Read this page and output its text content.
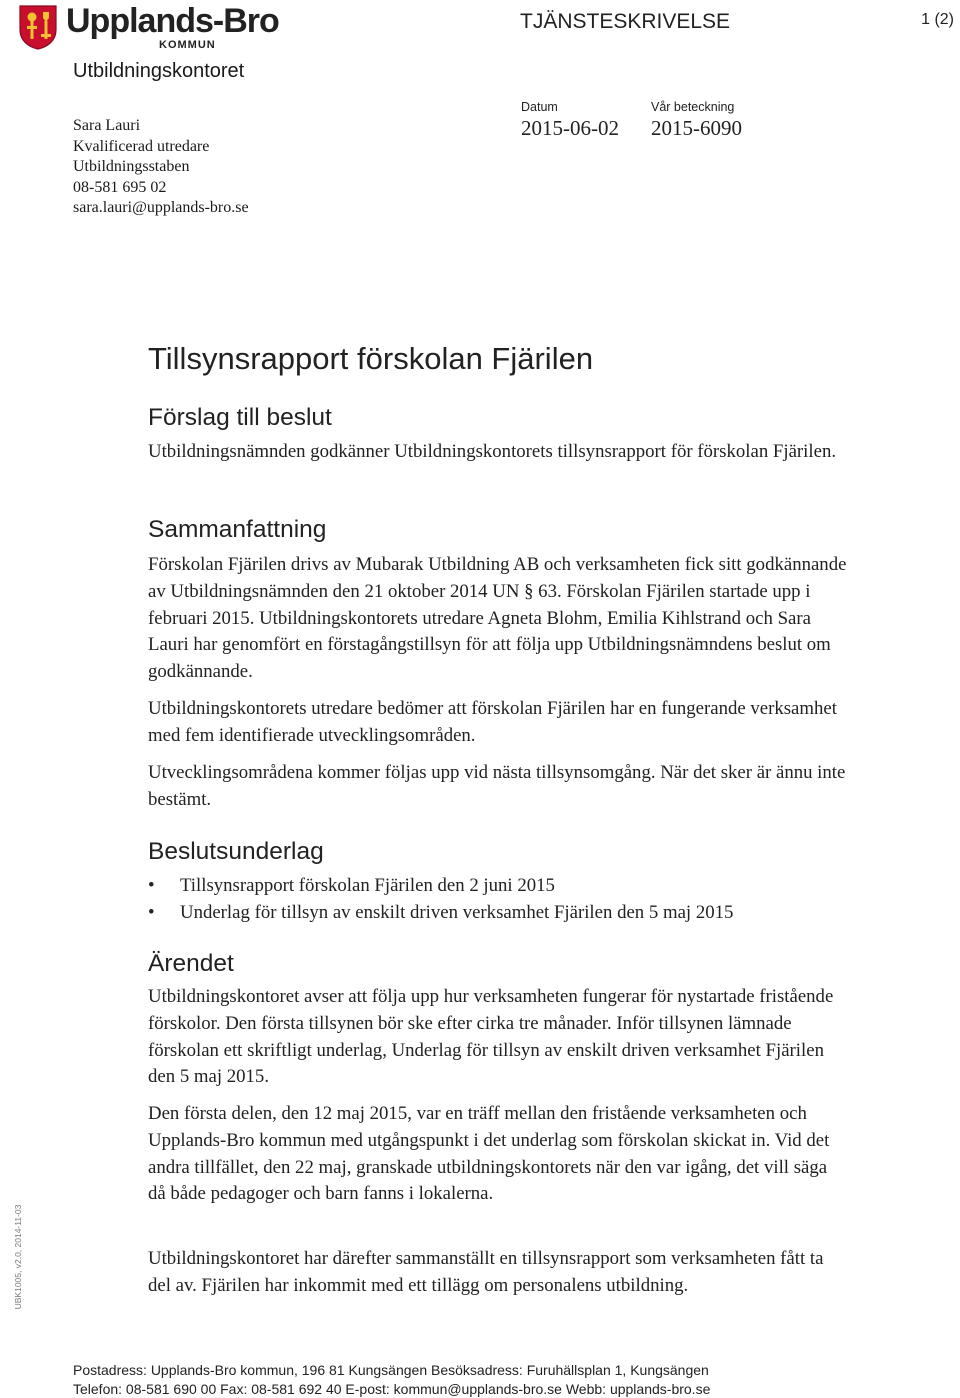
Upplands-Bro
KOMMUN
TJÄNSTESKRIVELSE	1 (2)
Utbildningskontoret
Sara Lauri
Kvalificerad utredare
Utbildningsstaben
08-581 695 02
sara.lauri@upplands-bro.se
Datum
2015-06-02
Vår beteckning
2015-6090
Tillsynsrapport förskolan Fjärilen
Förslag till beslut

Utbildningsnämnden godkänner Utbildningskontorets tillsynsrapport för förskolan Fjärilen.

Sammanfattning

Förskolan Fjärilen drivs av Mubarak Utbildning AB och verksamheten fick sitt godkännande av Utbildningsnämnden den 21 oktober 2014 UN § 63. Förskolan Fjärilen startade upp i februari 2015. Utbildningskontorets utredare Agneta Blohm, Emilia Kihlstrand och Sara Lauri har genomfört en förstagångstillsyn för att följa upp Utbildningsnämndens beslut om godkännande.

Utbildningskontorets utredare bedömer att förskolan Fjärilen har en fungerande verksamhet med fem identifierade utvecklingsområden.

Utvecklingsområdena kommer följas upp vid nästa tillsynsomgång. När det sker är ännu inte bestämt.

Beslutsunderlag
• Tillsynsrapport förskolan Fjärilen den 2 juni 2015
• Underlag för tillsyn av enskilt driven verksamhet Fjärilen den 5 maj 2015
Ärendet

Utbildningskontoret avser att följa upp hur verksamheten fungerar för nystartade fristående förskolor. Den första tillsynen bör ske efter cirka tre månader. Inför tillsynen lämnade förskolan ett skriftligt underlag, Underlag för tillsyn av enskilt driven verksamhet Fjärilen den 5 maj 2015.

Den första delen, den 12 maj 2015, var en träff mellan den fristående verksamheten och Upplands-Bro kommun med utgångspunkt i det underlag som förskolan skickat in. Vid det andra tillfället, den 22 maj, granskade utbildningskontorets när den var igång, det vill säga då både pedagoger och barn fanns i lokalerna.

Utbildningskontoret har därefter sammanställt en tillsynsrapport som verksamheten fått ta del av. Fjärilen har inkommit med ett tillägg om personalens utbildning.

UBK1005, v2.0, 2014-11-03
Postadress: Upplands-Bro kommun, 196 81 Kungsängen Besöksadress: Furuhällsplan 1, Kungsängen
Telefon: 08-581 690 00 Fax: 08-581 692 40 E-post: kommun@upplands-bro.se Webb: upplands-bro.se
